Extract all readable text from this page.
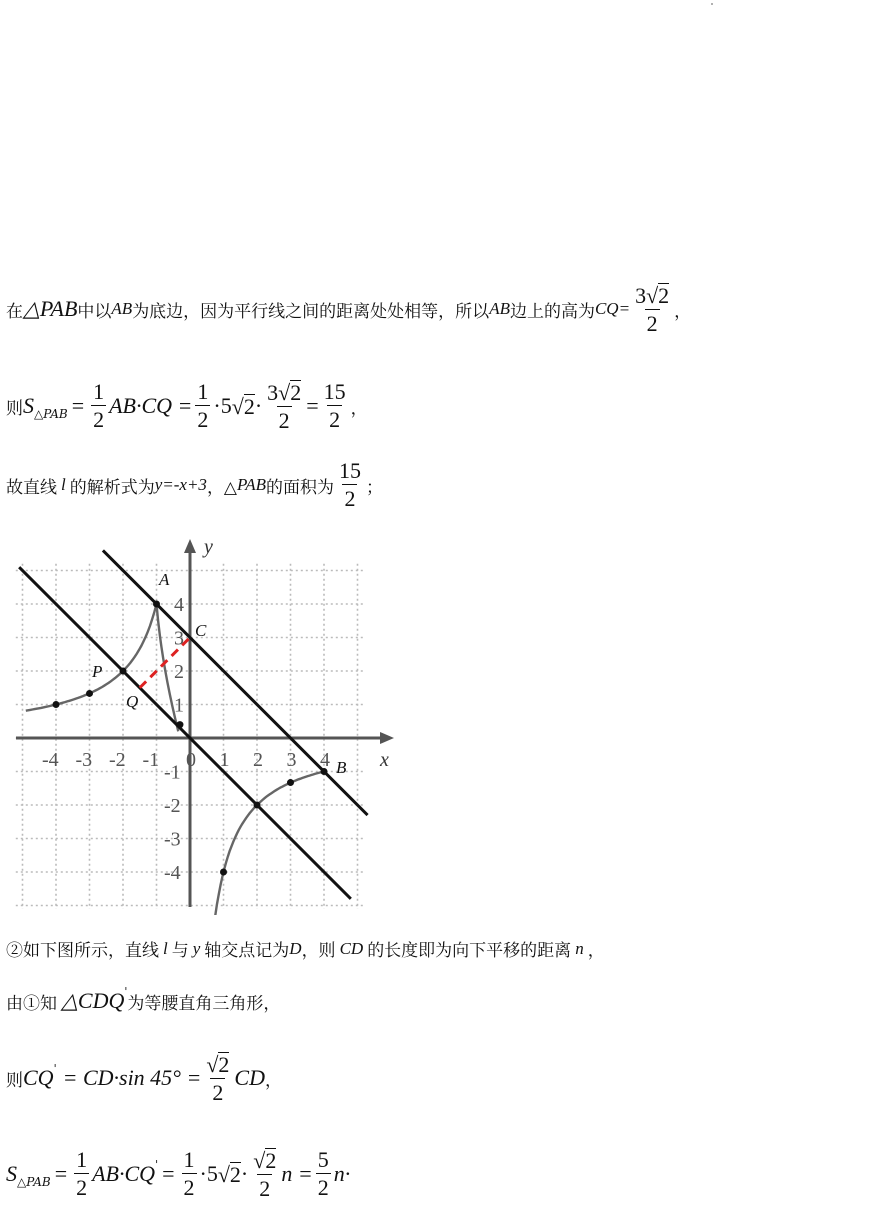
在 △PAB 中以 AB 为底边，因为平行线之间的距离处处相等，所以 AB 边上的高为 $CQ= \frac{3 √ 2}{2}$ ，
则 S △PAB = $\frac{1}{2} AB\cdot CQ = \frac{1}{2} \cdot 5$ √ $2 \cdot \frac{3 √ 2}{2} = \frac{15}{2}$ ，
故直线 l 的解析式为 y=-x+3 ，△ PAB 的面积为 $\frac{15}{2}$ ；
x
y
A
B
C
P
Q
-4 -3 -2 -1 0 1 2 3 4
1
2
3
4
-1
-2
-3
-4
②如下图所示，直线 l 与 y 轴交点记为 D ，则 CD 的长度即为向下平移的距离 n ，
由①知 △CDQ '
为等腰直角三角形，
则 CQ ' = CD·sin $45^\circ = \frac{√ 2}{2}$ CD ，
S △PAB = $\frac{1}{2} AB\cdot CQ$ ' = $\frac{1}{2} \cdot 5$ √ $2 \cdot \frac{√ 2}{2}$ $n = \frac{5}{2} n\cdot$
